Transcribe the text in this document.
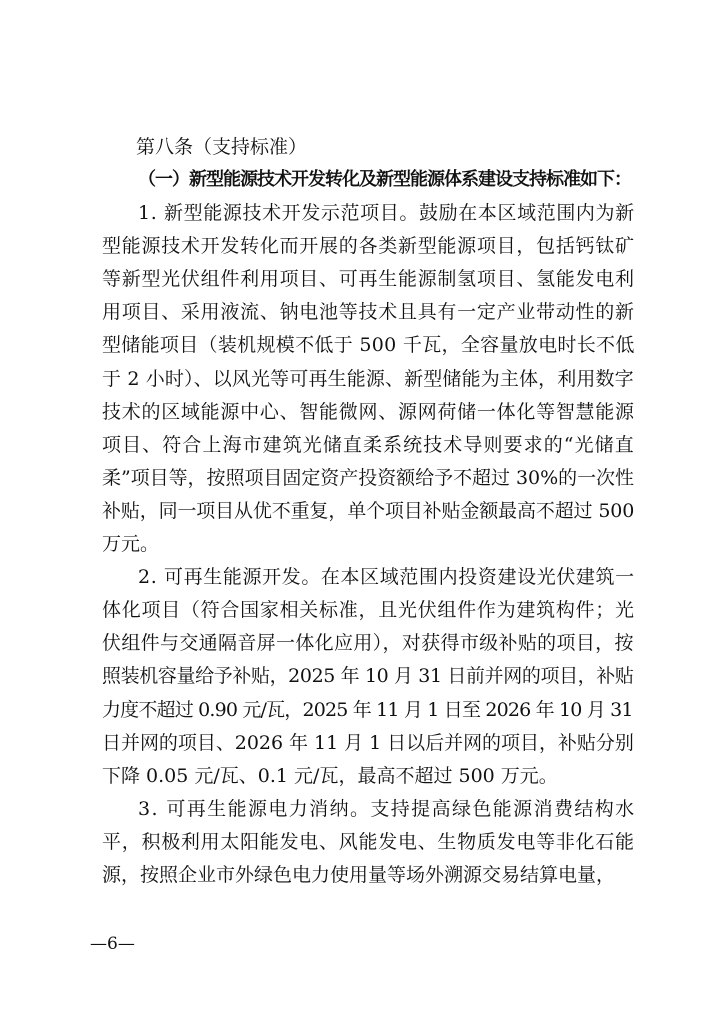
第八条（支持标准）
（一）新型能源技术开发转化及新型能源体系建设支持标准如下：
1. 新型能源技术开发示范项目。鼓励在本区域范围内为新
型能源技术开发转化而开展的各类新型能源项目，包括钙钛矿
等新型光伏组件利用项目、可再生能源制氢项目、氢能发电利
用项目、采用液流、钠电池等技术且具有一定产业带动性的新
型储能项目（装机规模不低于 500 千瓦，全容量放电时长不低
于 2 小时）、以风光等可再生能源、新型储能为主体，利用数字
技术的区域能源中心、智能微网、源网荷储一体化等智慧能源
项目、符合上海市建筑光储直柔系统技术导则要求的“光储直
柔”项目等，按照项目固定资产投资额给予不超过 30%的一次性
补贴，同一项目从优不重复，单个项目补贴金额最高不超过 500
万元。
2. 可再生能源开发。在本区域范围内投资建设光伏建筑一
体化项目（符合国家相关标准，且光伏组件作为建筑构件；光
伏组件与交通隔音屏一体化应用），对获得市级补贴的项目，按
照装机容量给予补贴，2025 年 10 月 31 日前并网的项目，补贴
力度不超过 0.90 元/瓦，2025 年 11 月 1 日至 2026 年 10 月 31
日并网的项目、2026 年 11 月 1 日以后并网的项目，补贴分别
下降 0.05 元/瓦、0.1 元/瓦，最高不超过 500 万元。
3. 可再生能源电力消纳。支持提高绿色能源消费结构水
平，积极利用太阳能发电、风能发电、生物质发电等非化石能
源，按照企业市外绿色电力使用量等场外溯源交易结算电量，
—6—
